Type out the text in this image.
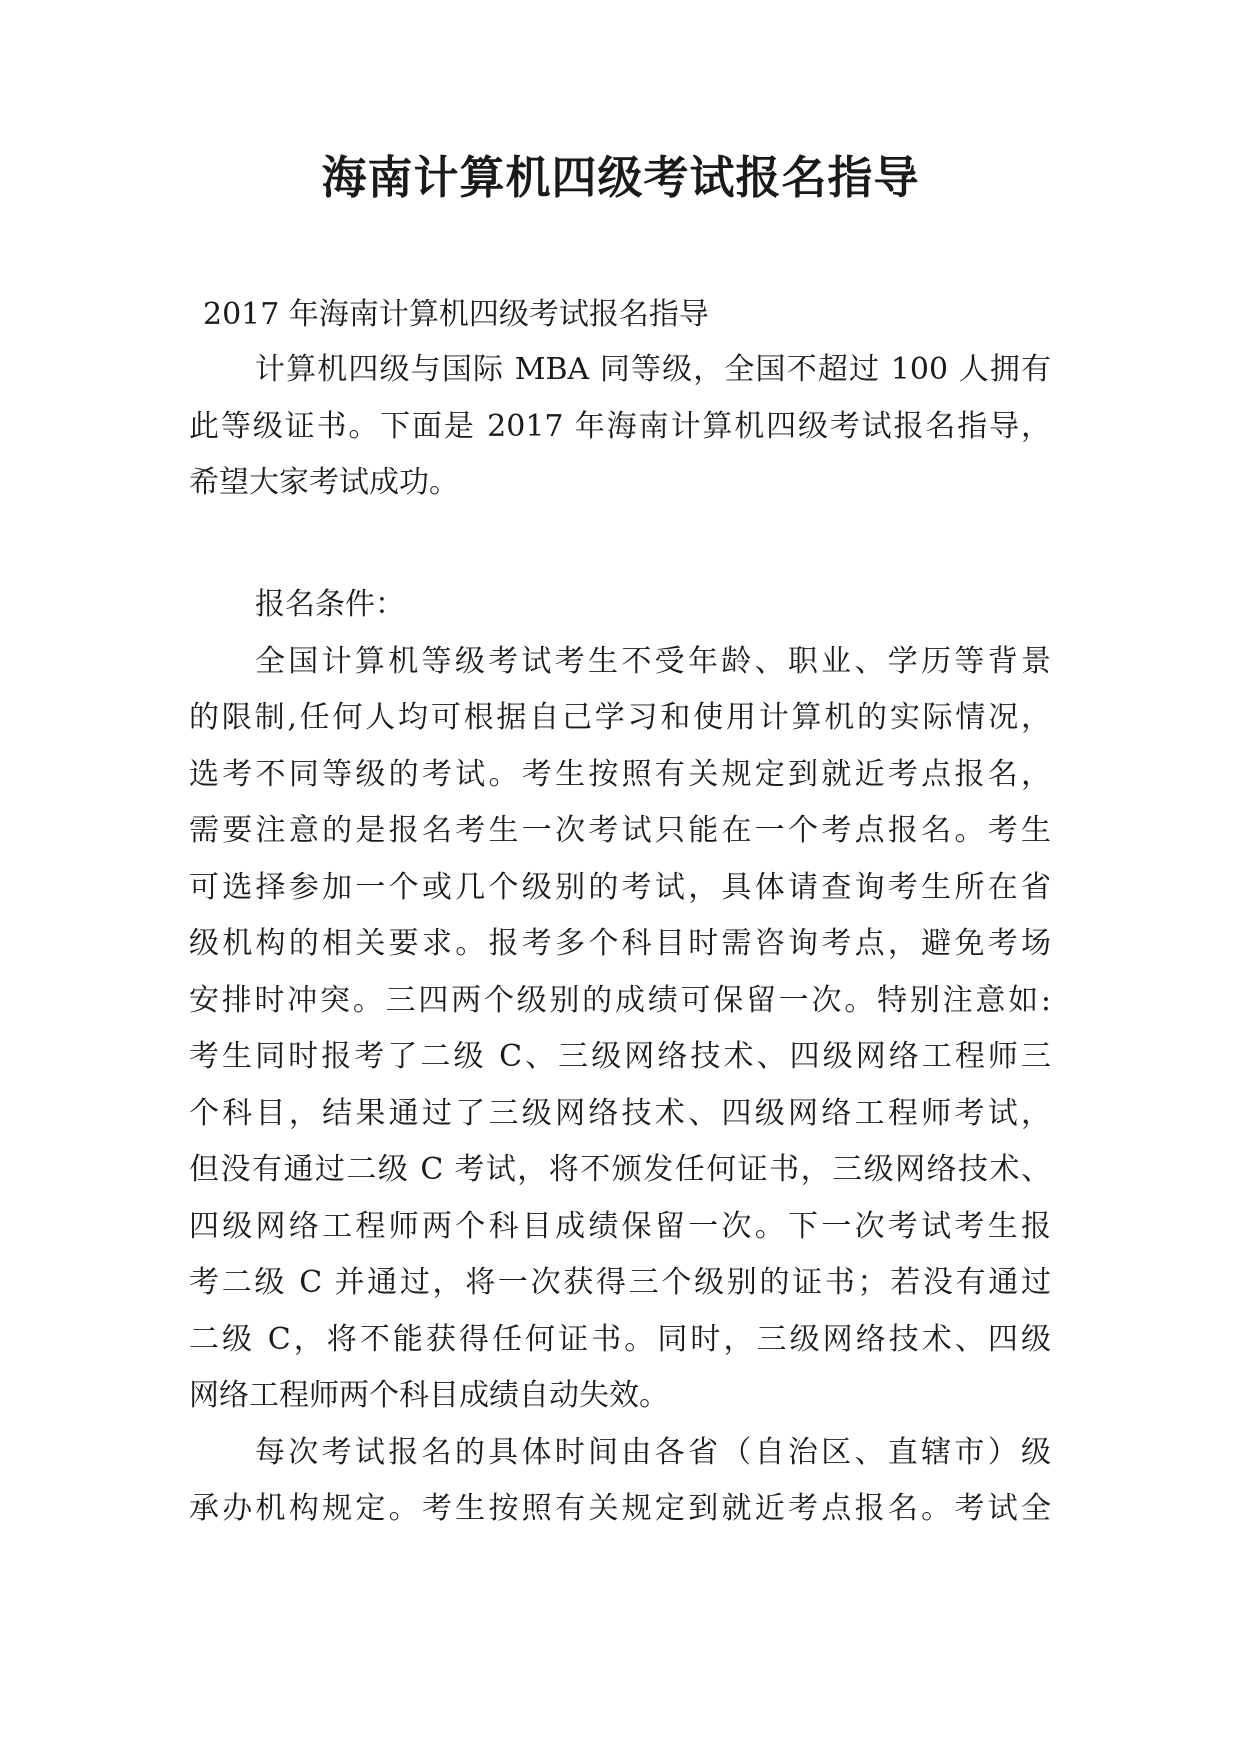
海南计算机四级考试报名指导
2017 年海南计算机四级考试报名指导
计算机四级与国际 MBA 同等级，全国不超过 100 人拥有
此等级证书。下面是 2017 年海南计算机四级考试报名指导，
希望大家考试成功。
报名条件：
全国计算机等级考试考生不受年龄、职业、学历等背景
的限制,任何人均可根据自己学习和使用计算机的实际情况，
选考不同等级的考试。考生按照有关规定到就近考点报名，
需要注意的是报名考生一次考试只能在一个考点报名。考生
可选择参加一个或几个级别的考试，具体请查询考生所在省
级机构的相关要求。报考多个科目时需咨询考点，避免考场
安排时冲突。三四两个级别的成绩可保留一次。特别注意如:
考生同时报考了二级 C、三级网络技术、四级网络工程师三
个科目，结果通过了三级网络技术、四级网络工程师考试，
但没有通过二级 C 考试，将不颁发任何证书，三级网络技术、
四级网络工程师两个科目成绩保留一次。下一次考试考生报
考二级 C 并通过，将一次获得三个级别的证书；若没有通过
二级 C，将不能获得任何证书。同时，三级网络技术、四级
网络工程师两个科目成绩自动失效。
每次考试报名的具体时间由各省（自治区、直辖市）级
承办机构规定。考生按照有关规定到就近考点报名。考试全
